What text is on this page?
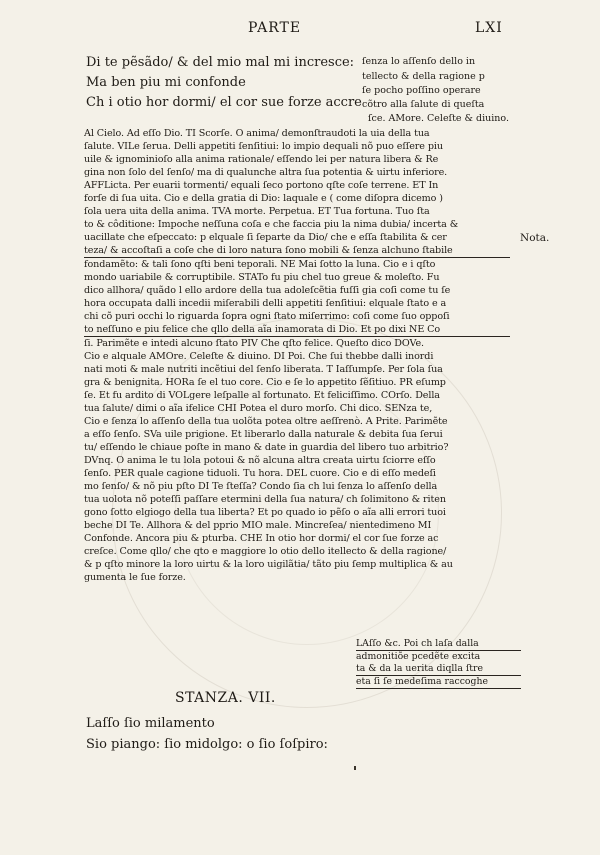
PARTE	LXI
Di te pẽsãdo/ & del mio mal mi incresce:
Ma ben piu mi confonde
Ch i otio hor dormi/ el cor sue forze accre
ſenza lo aſſenſo dello in
tellecto & della ragione p
ſe pocho poſſino operare
cõtro alla ſalute di queſta
ſce. AMore. Celeſte & diuino.
Al Cielo. Ad eſſo Dio. TI Scorſe. O anima/ demonſtraudoti la uia della tua
ſalute. VILe ſerua. Delli appetiti ſenſitiui: lo impio dequali nõ puo eſſere piu
uile & ignominioſo alla anima rationale/ eſſendo lei per natura libera & Re
gina non ſolo del ſenſo/ ma di qualunche altra ſua potentia & uirtu inferiore.
AFFLicta. Per euarii tormenti/ equali ſeco portono qſte coſe terrene. ET In
forſe di ſua uita. Cio e della gratia di Dio: laquale e ( come diſopra dicemo )
ſola uera uita della anima. TVA morte. Perpetua. ET Tua fortuna. Tuo ſta
to & côditione: Impoche neſſuna coſa e che faccia piu la nima dubia/ incerta &
uacillate che eſpeccato: p elquale ſi ſeparte da Dio/ che e eſſa ſtabilita & cer
teza/ & accoſtaſi a coſe che di loro natura ſono mobili & ſenza alchuno ſtabile
fondamẽto: & tali ſono qſti beni teporali. NE Mai ſotto la luna. Cio e i qſto
mondo uariabile & corruptibile. STATo fu piu chel tuo greue & moleſto. Fu
dico allhora/ quãdo l ello ardore della tua adoleſcẽtia fuſſi gia coſi come tu ſe
hora occupata dalli incedii miſerabili delli appetiti ſenſitiui: elquale ſtato e a
chi cõ puri occhi lo riguarda ſopra ogni ſtato miſerrimo: coſi come ſuo oppoſi
to neſſuno e piu felice che qllo della aĩa inamorata di Dio. Et po dixi NE Co
ſi. Parimẽte e intedi alcuno ſtato PIV Che qſto felice. Queſto dico DOVe.
Cio e alquale AMOre. Celeſte & diuino. DI Poi. Che ſui thebbe dalli inordi
nati moti & male nutriti incẽtiui del ſenſo liberata. T Iaſſumpſe. Per ſola ſua
gra & benignita. HORa ſe el tuo core. Cio e ſe lo appetito ſẽſitiuo. PR eſump
ſe. Et fu ardito di VOLgere leſpalle al fortunato. Et feliciſſimo. COrſo. Della
tua ſalute/ dimi o aĩa ifelice CHI Potea el duro morſo. Chi dico. SENza te,
Cio e ſenza lo aſſenſo della tua uolõta potea oltre aeſſrenò. A Prite. Parimẽte
a eſſo ſenſo. SVa uile prigione. Et liberarlo dalla naturale & debita ſua ſerui
tu/ eſſendo le chiaue poſte in mano & date in guardia del libero tuo arbitrio?
DVnq. O anima le tu lola potoui & nõ alcuna altra creata uirtu ſciorre eſſo
ſenſo. PER quale cagione tiduoli. Tu hora. DEL cuore. Cio e di eſſo medeſi
mo ſenſo/ & nõ piu pſto DI Te ſteſſa? Condo ſia ch lui ſenza lo aſſenſo della
tua uolota nõ poteſſi paſſare etermini della ſua natura/ ch ſolimitono & riten
gono ſotto elgiogo della tua liberta? Et po quado io pẽſo o aĩa alli errori tuoi
beche DI Te. Allhora & del pprio MIO male. Mincreſea/ nientedimeno MI
Confonde. Ancora piu & pturba. CHE In otio hor dormi/ el cor ſue forze ac
creſce. Come qllo/ che qto e maggiore lo otio dello itellecto & della ragione/
& p qſto minore la loro uirtu & la loro uigilãtia/ tãto piu ſemp multiplica & au
gumenta le ſue forze.
Nota.
STANZA. VII.
Laſſo ſio milamento
Sio piango: ſio midolgo: o ſio ſoſpiro:
LAſſo &c. Poi ch laſa dalla
admonitiõe pcedẽte excita
ta & da la uerita diqlla ſtre
eta ſi ſe medeſima raccoghe
